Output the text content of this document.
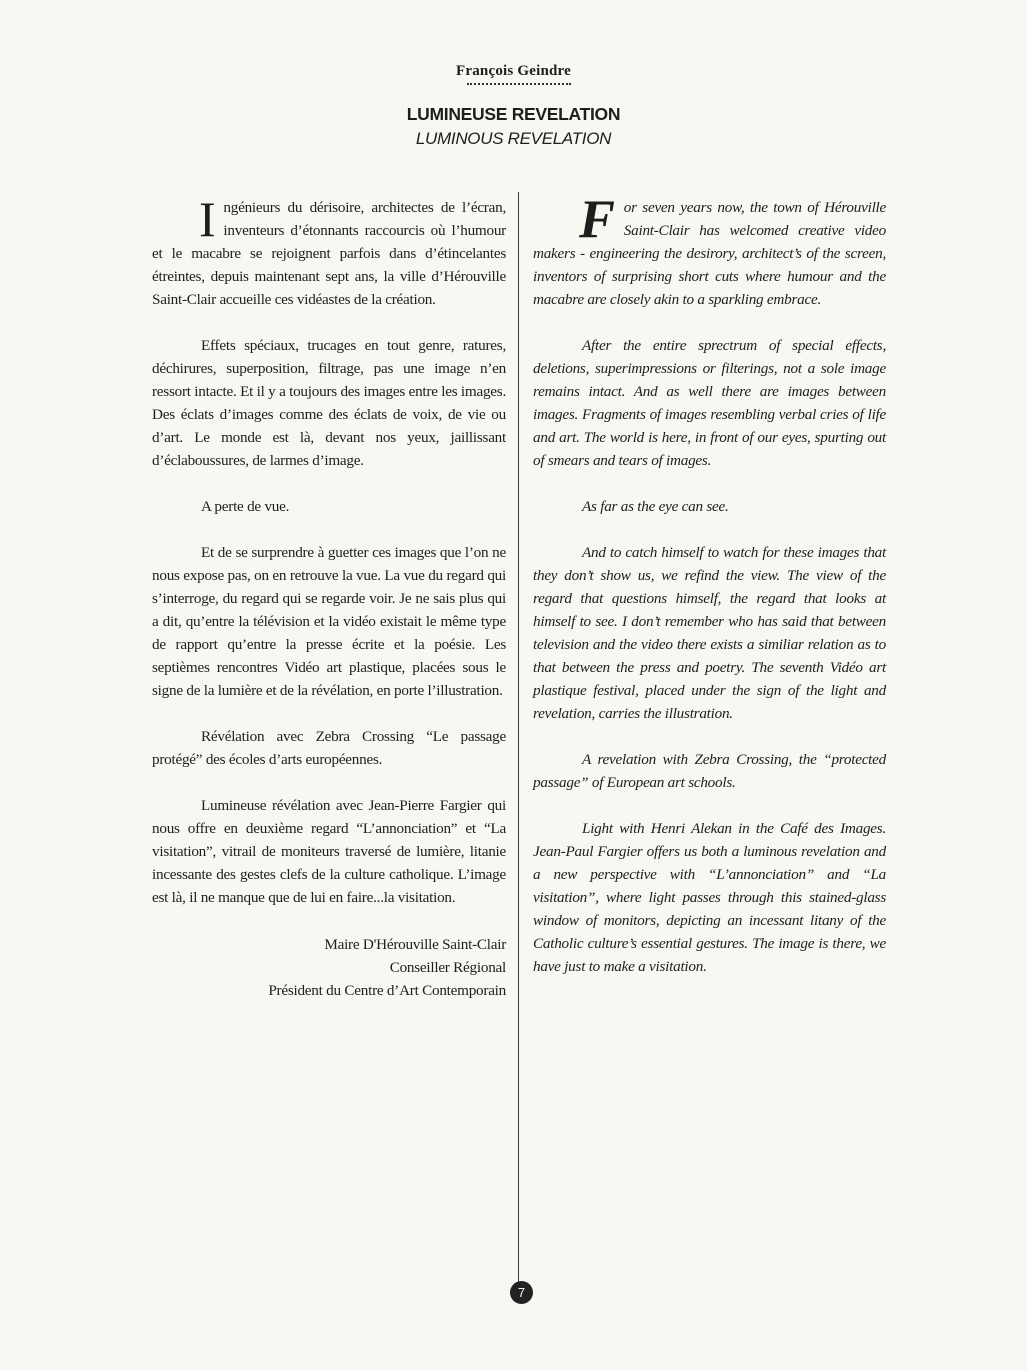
François Geindre
LUMINEUSE REVELATION
LUMINOUS REVELATION

Ingénieurs du dérisoire, architectes de l’écran, inventeurs d’étonnants raccourcis où l’humour et le macabre se rejoignent parfois dans d’étincelantes étreintes, depuis maintenant sept ans, la ville d’Hérouville Saint-Clair accueille ces vidéastes de la création.

Effets spéciaux, trucages en tout genre, ratures, déchirures, superposition, filtrage, pas une image n’en ressort intacte. Et il y a toujours des images entre les images. Des éclats d’images comme des éclats de voix, de vie ou d’art. Le monde est là, devant nos yeux, jaillissant d’éclaboussures, de larmes d’image.

A perte de vue.

Et de se surprendre à guetter ces images que l’on ne nous expose pas, on en retrouve la vue. La vue du regard qui s’interroge, du regard qui se regarde voir. Je ne sais plus qui a dit, qu’entre la télévision et la vidéo existait le même type de rapport qu’entre la presse écrite et la poésie. Les septièmes rencontres Vidéo art plastique, placées sous le signe de la lumière et de la révélation, en porte l’illustration.

Révélation avec Zebra Crossing “Le passage protégé” des écoles d’arts européennes.

Lumineuse révélation avec Jean-Pierre Fargier qui nous offre en deuxième regard “L’annonciation” et “La visitation”, vitrail de moniteurs traversé de lumière, litanie incessante des gestes clefs de la culture catholique. L’image est là, il ne manque que de lui en faire...la visitation.

Maire D'Hérouville Saint-Clair
Conseiller Régional
Président du Centre d’Art Contemporain

For seven years now, the town of Hérouville Saint-Clair has welcomed creative video makers - engineering the desirory, architect’s of the screen, inventors of surprising short cuts where humour and the macabre are closely akin to a sparkling embrace.

After the entire sprectrum of special effects, deletions, superimpressions or filterings, not a sole image remains intact. And as well there are images between images. Fragments of images resembling verbal cries of life and art. The world is here, in front of our eyes, spurting out of smears and tears of images.

As far as the eye can see.

And to catch himself to watch for these images that they don’t show us, we refind the view. The view of the regard that questions himself, the regard that looks at himself to see. I don’t remember who has said that between television and the video there exists a similiar relation as to that between the press and poetry. The seventh Vidéo art plastique festival, placed under the sign of the light and revelation, carries the illustration.

A revelation with Zebra Crossing, the “protected passage” of European art schools.

Light with Henri Alekan in the Café des Images. Jean-Paul Fargier offers us both a luminous revelation and a new perspective with “L’annonciation” and “La visitation”, where light passes through this stained-glass window of monitors, depicting an incessant litany of the Catholic culture’s essential gestures. The image is there, we have just to make a visitation.

7
